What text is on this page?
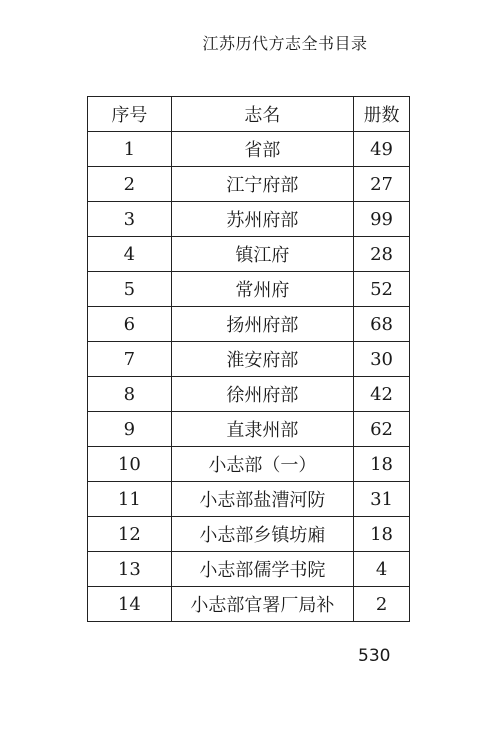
江苏历代方志全书目录
序号	志名	册数
1	省部	49
2	江宁府部	27
3	苏州府部	99
4	镇江府	28
5	常州府	52
6	扬州府部	68
7	淮安府部	30
8	徐州府部	42
9	直隶州部	62
10	小志部（一）	18
11	小志部盐漕河防	31
12	小志部乡镇坊廂	18
13	小志部儒学书院	4
14	小志部官署厂局补	2
530
